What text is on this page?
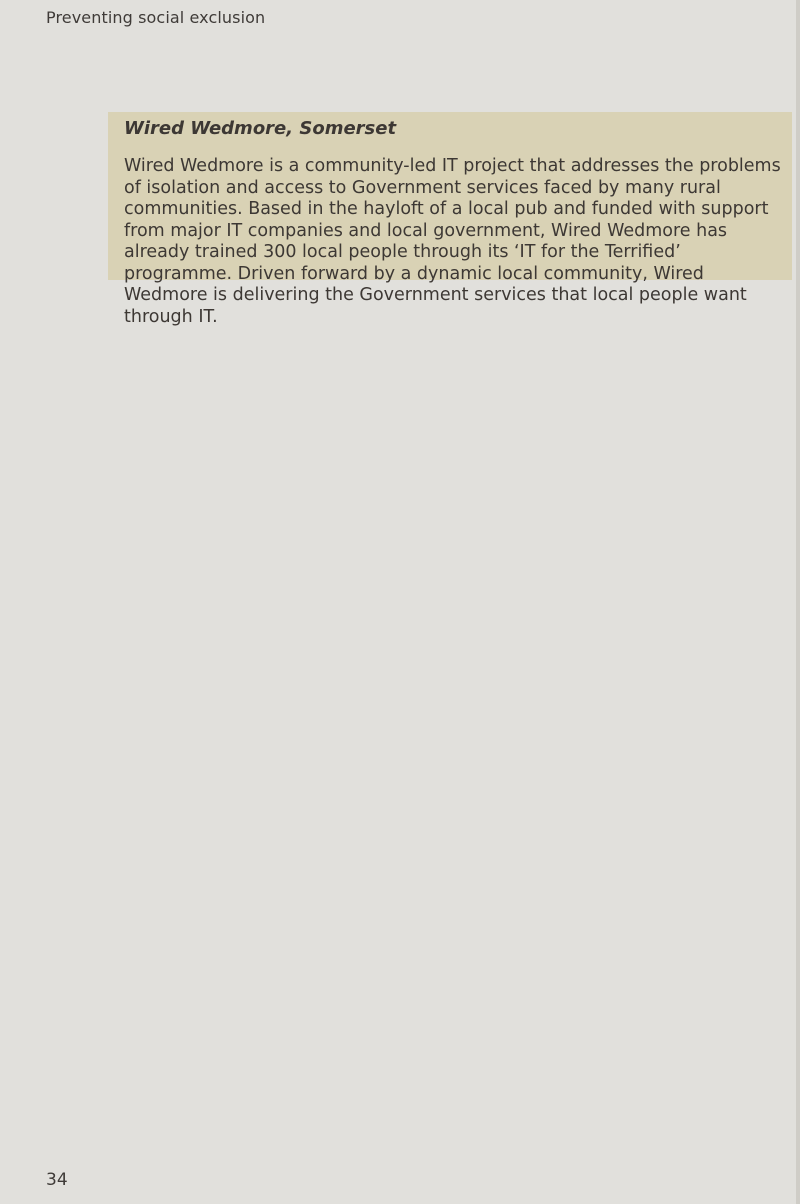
Preventing social exclusion
Wired Wedmore, Somerset

Wired Wedmore is a community-led IT project that addresses the problems of isolation and access to Government services faced by many rural communities. Based in the hayloft of a local pub and funded with support from major IT companies and local government, Wired Wedmore has already trained 300 local people through its ‘IT for the Terrified’ programme. Driven forward by a dynamic local community, Wired Wedmore is delivering the Government services that local people want through IT.

34
